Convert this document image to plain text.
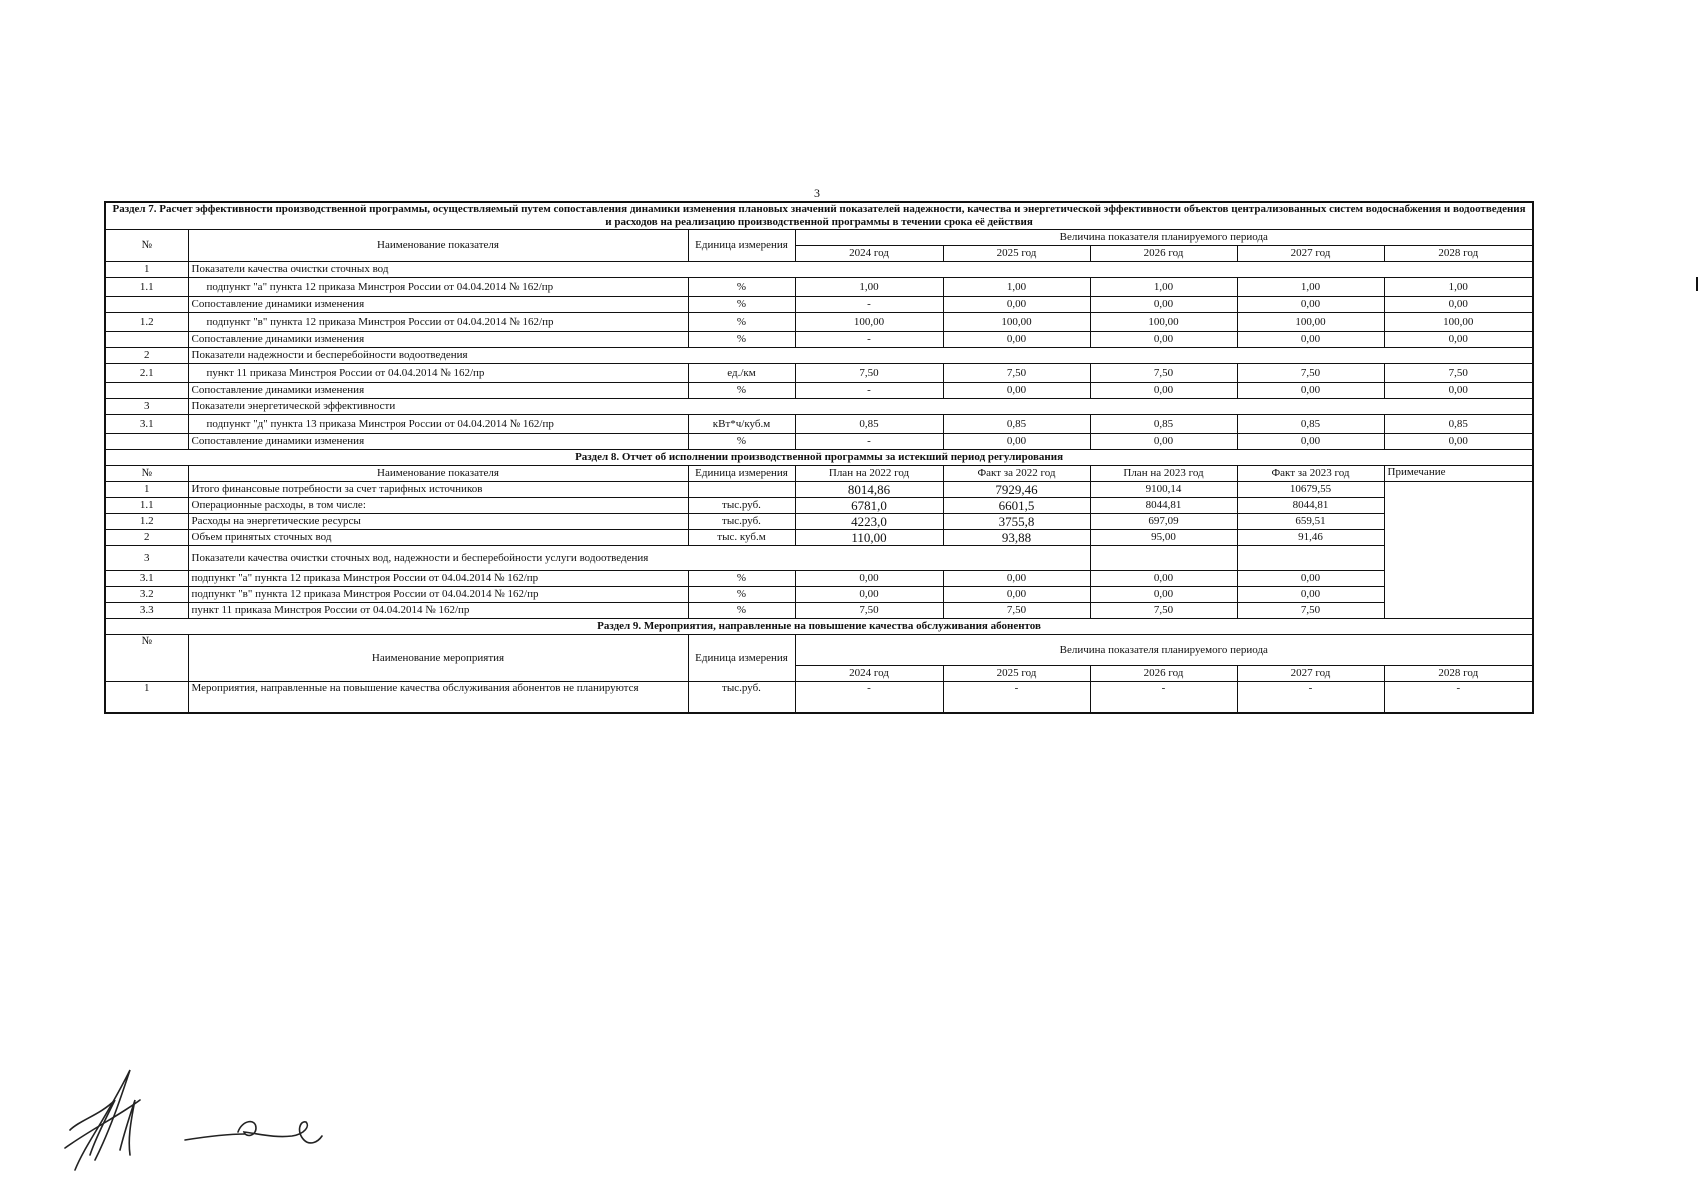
3
Раздел 7. Расчет эффективности производственной программы, осуществляемый путем сопоставления динамики изменения плановых значений показателей надежности, качества и энергетической эффективности объектов централизованных систем водоснабжения и водоотведения и расходов на реализацию производственной программы в течении срока её действия							
№	Наименование показателя	Единица измерения	Величина показателя планируемого периода				
			2024 год	2025 год	2026 год	2027 год	2028 год
1	Показатели качества очистки сточных вод						
1.1	подпункт "а" пункта 12 приказа Минстроя России от 04.04.2014 № 162/пр	%	1,00	1,00	1,00	1,00	1,00
	Сопоставление динамики изменения	%	-	0,00	0,00	0,00	0,00
1.2	подпункт "в" пункта 12 приказа Минстроя России от 04.04.2014 № 162/пр	%	100,00	100,00	100,00	100,00	100,00
	Сопоставление динамики изменения	%	-	0,00	0,00	0,00	0,00
2	Показатели надежности и бесперебойности водоотведения						
2.1	пункт 11 приказа Минстроя России от 04.04.2014 № 162/пр	ед./км	7,50	7,50	7,50	7,50	7,50
	Сопоставление динамики изменения	%	-	0,00	0,00	0,00	0,00
3	Показатели энергетической эффективности						
3.1	подпункт "д" пункта 13 приказа Минстроя России от 04.04.2014 № 162/пр	кВт*ч/куб.м	0,85	0,85	0,85	0,85	0,85
	Сопоставление динамики изменения	%	-	0,00	0,00	0,00	0,00
Раздел 8. Отчет об исполнении производственной программы за истекший период регулирования							
№	Наименование показателя	Единица измерения	План на 2022 год	Факт за 2022 год	План на 2023 год	Факт за 2023 год	Примечание
1	Итого финансовые потребности за счет тарифных источников		8014,86	7929,46	9100,14	10679,55	
1.1	Операционные расходы, в том числе:	тыс.руб.	6781,0	6601,5	8044,81	8044,81	
1.2	Расходы на энергетические ресурсы	тыс.руб.	4223,0	3755,8	697,09	659,51	
2	Объем принятых сточных вод	тыс. куб.м	110,00	93,88	95,00	91,46	
3	Показатели качества очистки сточных вод, надежности и бесперебойности услуги водоотведения						
3.1	подпункт "а" пункта 12 приказа Минстроя России от 04.04.2014 № 162/пр	%	0,00	0,00	0,00	0,00	
3.2	подпункт "в" пункта 12 приказа Минстроя России от 04.04.2014 № 162/пр	%	0,00	0,00	0,00	0,00	
3.3	пункт 11 приказа Минстроя России от 04.04.2014 № 162/пр	%	7,50	7,50	7,50	7,50	
Раздел 9. Мероприятия, направленные на повышение качества обслуживания абонентов							
№	Наименование мероприятия	Единица измерения	Величина показателя планируемого периода				
			2024 год	2025 год	2026 год	2027 год	2028 год
1	Мероприятия, направленные на повышение качества обслуживания абонентов не планируются	тыс.руб.	-	-	-	-	-
